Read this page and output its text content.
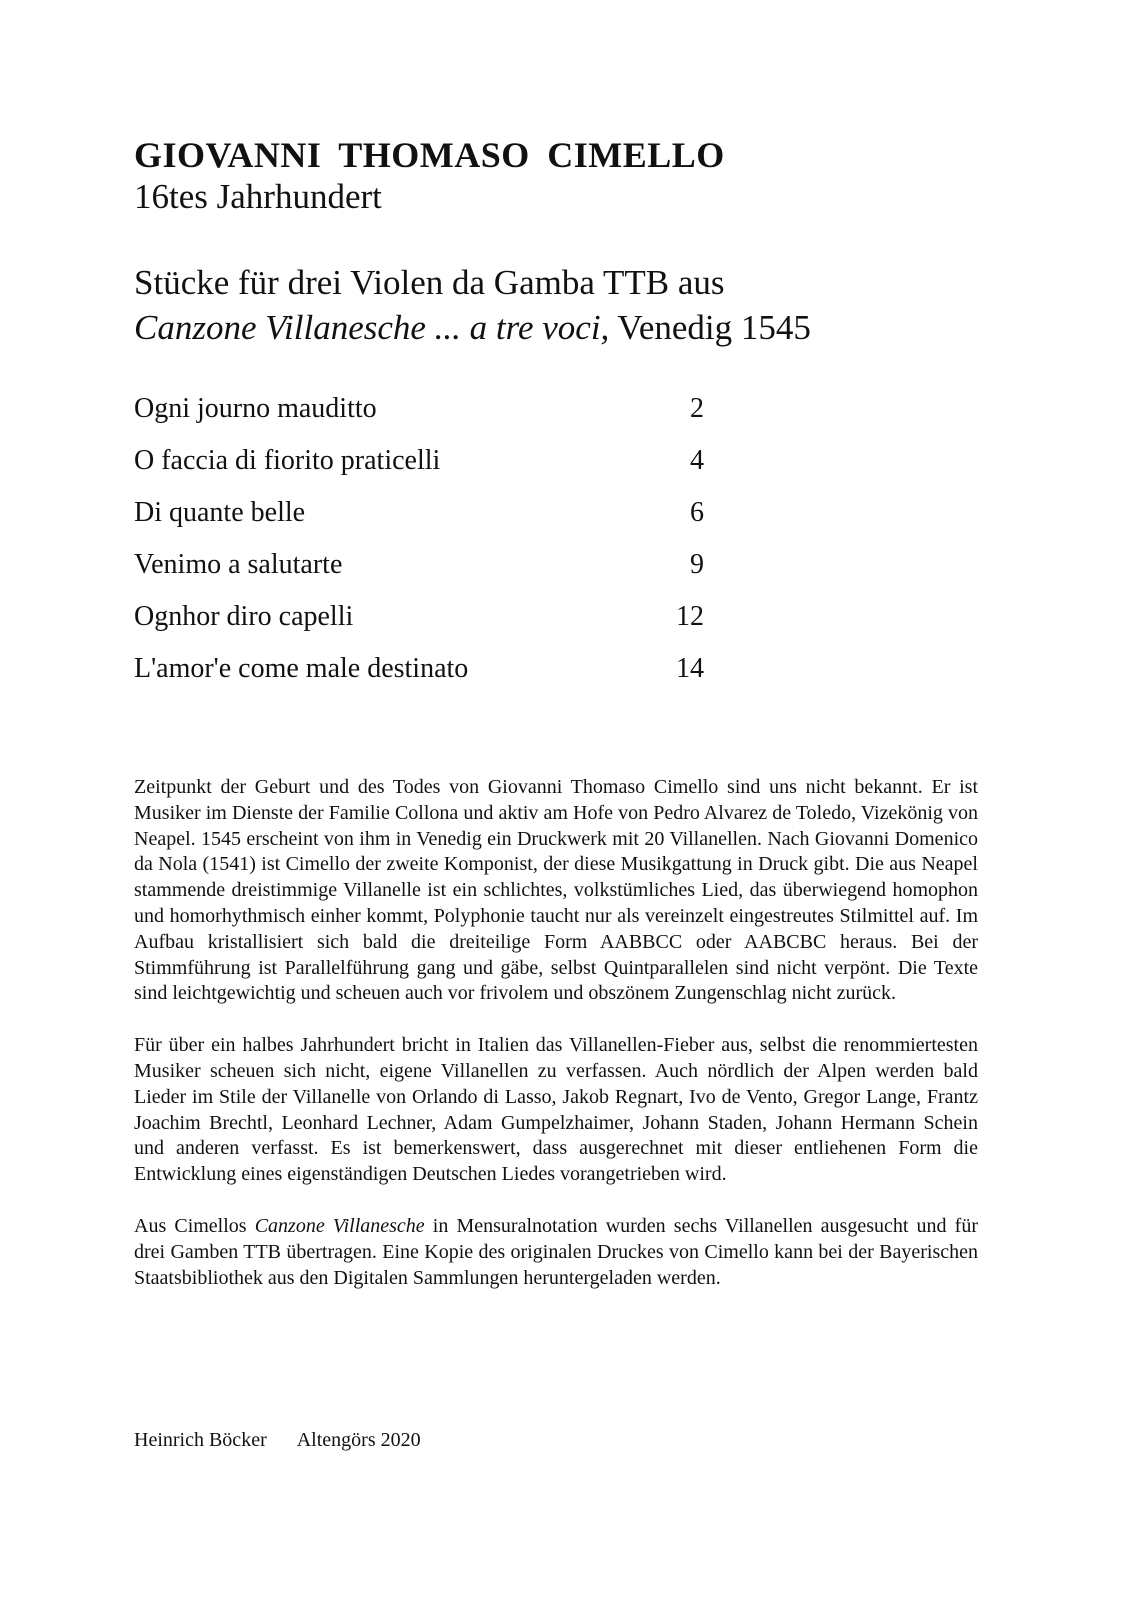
GIOVANNI THOMASO CIMELLO
16tes Jahrhundert
Stücke für drei Violen da Gamba TTB aus
Canzone Villanesche ... a tre voci, Venedig 1545
Ogni journo mauditto	2
O faccia di fiorito praticelli	4
Di quante belle	6
Venimo a salutarte	9
Ognhor diro capelli	12
L'amor'e come male destinato	14

Zeitpunkt der Geburt und des Todes von Giovanni Thomaso Cimello sind uns nicht bekannt. Er ist Musiker im Dienste der Familie Collona und aktiv am Hofe von Pedro Alvarez de Toledo, Vizekönig von Neapel. 1545 erscheint von ihm in Venedig ein Druckwerk mit 20 Villanellen. Nach Giovanni Domenico da Nola (1541) ist Cimello der zweite Komponist, der diese Musikgattung in Druck gibt. Die aus Neapel stammende dreistimmige Villanelle ist ein schlichtes, volkstümliches Lied, das überwiegend homophon und homorhythmisch einher kommt, Polyphonie taucht nur als vereinzelt eingestreutes Stilmittel auf. Im Aufbau kristallisiert sich bald die dreiteilige Form AABBCC oder AABCBC heraus. Bei der Stimmführung ist Parallelführung gang und gäbe, selbst Quintparallelen sind nicht verpönt. Die Texte sind leichtgewichtig und scheuen auch vor frivolem und obszönem Zungenschlag nicht zurück.

Für über ein halbes Jahrhundert bricht in Italien das Villanellen-Fieber aus, selbst die renommiertesten Musiker scheuen sich nicht, eigene Villanellen zu verfassen. Auch nördlich der Alpen werden bald Lieder im Stile der Villanelle von Orlando di Lasso, Jakob Regnart, Ivo de Vento, Gregor Lange, Frantz Joachim Brechtl, Leonhard Lechner, Adam Gumpelzhaimer, Johann Staden, Johann Hermann Schein und anderen verfasst. Es ist bemerkenswert, dass ausgerechnet mit dieser entliehenen Form die Entwicklung eines eigenständigen Deutschen Liedes vorangetrieben wird.

Aus Cimellos Canzone Villanesche in Mensuralnotation wurden sechs Villanellen ausgesucht und für drei Gamben TTB übertragen. Eine Kopie des originalen Druckes von Cimello kann bei der Bayerischen Staatsbibliothek aus den Digitalen Sammlungen heruntergeladen werden.

Heinrich Böcker Altengörs 2020
